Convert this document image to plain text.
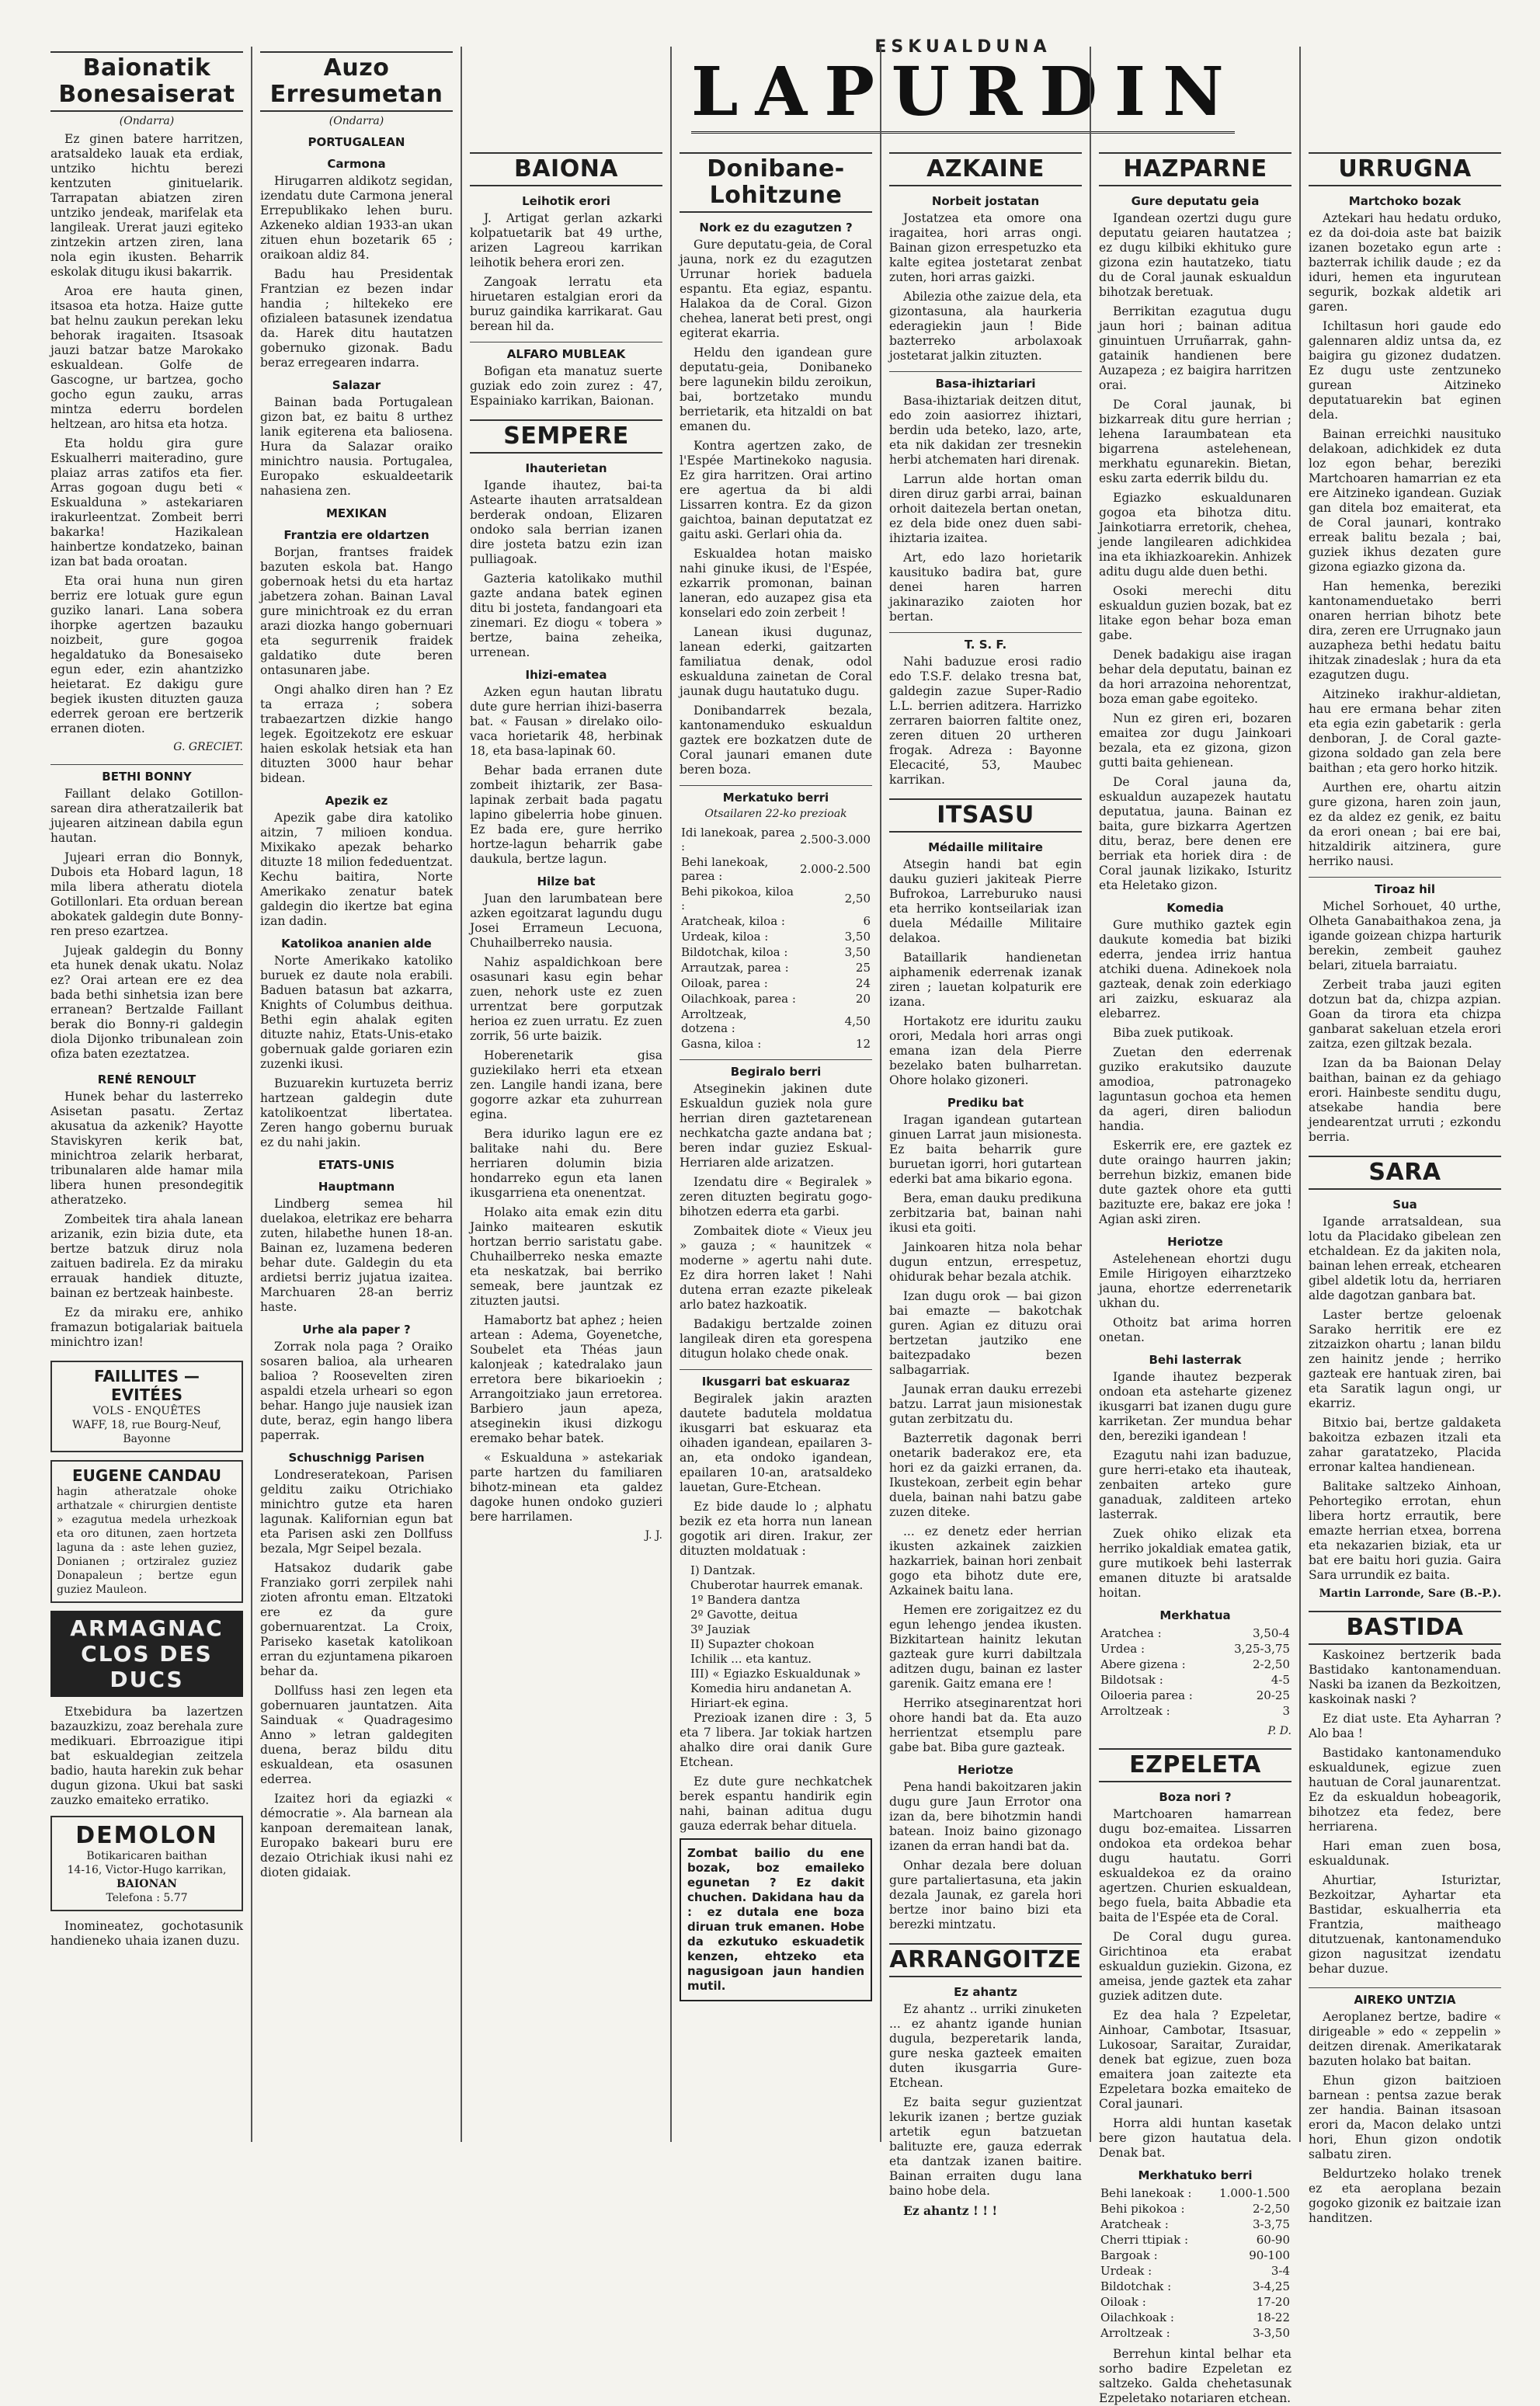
ESKUALDUNA
LAPURDIN
Baionatik Bonesaiserat
(Ondarra)

Ez ginen batere harritzen, aratsaldeko lauak eta erdiak, untziko hichtu berezi kentzuten ginituelarik. Tarrapatan abiatzen ziren untziko jendeak, marifelak eta langileak. Urerat jauzi egiteko zintzekin artzen ziren, lana nola egin ikusten. Beharrik eskolak ditugu ikusi bakarrik.

Aroa ere hauta ginen, itsasoa eta hotza. Haize gutte bat helnu zaukun perekan leku behorak iragaiten. Itsasoak jauzi batzar batze Marokako eskualdean. Golfe de Gascogne, ur bartzea, gocho gocho egun zauku, arras mintza ederru bordelen heltzean, aro hitsa eta hotza.

Eta holdu gira gure Eskualherri maiteradino, gure plaiaz arras zatifos eta fier. Arras gogoan dugu beti « Eskualduna » astekariaren irakurleentzat. Zombeit berri bakarka! Hazikalean hainbertze kondatzeko, bainan izan bat bada oroatan.

Eta orai huna nun giren berriz ere lotuak gure egun guziko lanari. Lana sobera ihorpke agertzen bazauku noizbeit, gure gogoa hegaldatuko da Bonesaiseko egun eder, ezin ahantzizko heietarat. Ez dakigu gure begiek ikusten dituzten gauza ederrek geroan ere bertzerik erranen dioten.

G. GRECIET.
BETHI BONNY

Faillant delako Gotillon-sarean dira atheratzailerik bat jujearen aitzinean dabila egun hautan.

Jujeari erran dio Bonnyk, Dubois eta Hobard lagun, 18 mila libera atheratu diotela Gotillonlari. Eta orduan berean abokatek galdegin dute Bonny-ren preso ezartzea.

Jujeak galdegin du Bonny eta hunek denak ukatu. Nolaz ez? Orai artean ere ez dea bada bethi sinhetsia izan bere erranean? Bertzalde Faillant berak dio Bonny-ri galdegin diola Dijonko tribunalean zoin ofiza baten ezeztatzea.

RENÉ RENOULT

Hunek behar du lasterreko Asisetan pasatu. Zertaz akusatua da azkenik? Hayotte Staviskyren kerik bat, minichtroa zelarik herbarat, tribunalaren alde hamar mila libera hunen presondegitik atheratzeko.

Zombeitek tira ahala lanean arizanik, ezin bizia dute, eta bertze batzuk diruz nola zaituen badirela. Ez da miraku errauak handiek dituzte, bainan ez bertzeak hainbeste.

Ez da miraku ere, anhiko framazun botigalariak baituela minichtro izan!

FAILLITES — EVITÉES
VOLS - ENQUÊTES
WAFF, 18, rue Bourg-Neuf, Bayonne
EUGENE CANDAU
hagin atheratzale ohoke arthatzale « chirurgien dentiste » ezagutua medela urhezkoak eta oro ditunen, zaen hortzeta laguna da : aste lehen guziez, Donianen ; ortziralez guziez Donapaleun ; bertze egun guziez Mauleon.
ARMAGNAC CLOS DES DUCS

Etxebidura ba lazertzen bazauzkizu, zoaz berehala zure medikuari. Ebrroazigue itipi bat eskualdegian zeitzela badio, hauta harekin zuk behar dugun gizona. Ukui bat saski zauzko emaiteko erratiko.

DEMOLON
Botikaricaren baithan
14-16, Victor-Hugo karrikan,
BAIONAN
Telefona : 5.77

Inomineatez, gochotasunik handieneko uhaia izanen duzu.

Auzo Erresumetan
(Ondarra)
PORTUGALEAN
Carmona

Hirugarren aldikotz segidan, izendatu dute Carmona jeneral Errepublikako lehen buru. Azkeneko aldian 1933-an ukan zituen ehun bozetarik 65 ; oraikoan aldiz 84.

Badu hau Presidentak Frantzian ez bezen indar handia ; hiltekeko ere ofizialeen batasunek izendatua da. Harek ditu hautatzen gobernuko gizonak. Badu beraz erregearen indarra.

Salazar

Bainan bada Portugalean gizon bat, ez baitu 8 urthez lanik egiterena eta baliosena. Hura da Salazar oraiko minichtro nausia. Portugalea, Europako eskualdeetarik nahasiena zen.

MEXIKAN
Frantzia ere oldartzen

Borjan, frantses fraidek bazuten eskola bat. Hango gobernoak hetsi du eta hartaz jabetzera zohan. Bainan Laval gure minichtroak ez du erran arazi diozka hango gobernuari eta segurrenik fraidek galdatiko dute beren ontasunaren jabe.

Ongi ahalko diren han ? Ez ta erraza ; sobera trabaezartzen dizkie hango legek. Egoitzekotz ere eskuar haien eskolak hetsiak eta han dituzten 3000 haur behar bidean.

Apezik ez

Apezik gabe dira katoliko aitzin, 7 milioen kondua. Mixikako apezak beharko dituzte 18 milion fededuentzat. Kechu baitira, Norte Amerikako zenatur batek galdegin dio ikertze bat egina izan dadin.

Katolikoa ananien alde

Norte Amerikako katoliko buruek ez daute nola erabili. Baduen batasun bat azkarra, Knights of Columbus deithua. Bethi egin ahalak egiten dituzte nahiz, Etats-Unis-etako gobernuak galde goriaren ezin zuzenki ikusi.

Buzuarekin kurtuzeta berriz hartzean galdegin dute katolikoentzat libertatea. Zeren hango gobernu buruak ez du nahi jakin.

ETATS-UNIS
Hauptmann

Lindberg semea hil duelakoa, eletrikaz ere beharra zuten, hilabethe hunen 18-an. Bainan ez, luzamena bederen behar dute. Galdegin du eta ardietsi berriz jujatua izaitea. Marchuaren 28-an berriz haste.

Urhe ala paper ?

Zorrak nola paga ? Oraiko sosaren balioa, ala urhearen balioa ? Roosevelten ziren aspaldi etzela urheari so egon behar. Hango juje nausiek izan dute, beraz, egin hango libera paperrak.

Schuschnigg Parisen

Londreseratekoan, Parisen gelditu zaiku Otrichiako minichtro gutze eta haren lagunak. Kalifornian egun bat eta Parisen aski zen Dollfuss bezala, Mgr Seipel bezala.

Hatsakoz dudarik gabe Franziako gorri zerpilek nahi zioten afrontu eman. Eltzatoki ere ez da gure gobernuarentzat. La Croix, Pariseko kasetak katolikoan erran du ezjuntamena pikaroen behar da.

Dollfuss hasi zen legen eta gobernuaren jauntatzen. Aita Sainduak « Quadragesimo Anno » letran galdegiten duena, beraz bildu ditu eskualdean, eta osasunen ederrea.

Izaitez hori da egiazki « démocratie ». Ala barnean ala kanpoan deremaitean lanak, Europako bakeari buru ere dezaio Otrichiak ikusi nahi ez dioten gidaiak.

BAIONA
Leihotik erori

J. Artigat gerlan azkarki kolpatuetarik bat 49 urthe, arizen Lagreou karrikan leihotik behera erori zen.

Zangoak lerratu eta hiruetaren estalgian erori da buruz gaindika karrikarat. Gau berean hil da.

ALFARO MUBLEAK

Bofigan eta manatuz suerte guziak edo zoin zurez : 47, Espainiako karrikan, Baionan.

SEMPERE
Ihauterietan

Igande ihautez, bai-ta Astearte ihauten arratsaldean berderak ondoan, Elizaren ondoko sala berrian izanen dire josteta batzu ezin izan pulliagoak.

Gazteria katolikako muthil gazte andana batek eginen ditu bi josteta, fandangoari eta zinemari. Ez diogu « tobera » bertze, baina zeheika, urrenean.

Ihizi-ematea

Azken egun hautan libratu dute gure herrian ihizi-baserra bat. « Fausan » direlako oilo-vaca horietarik 48, herbinak 18, eta basa-lapinak 60.

Behar bada erranen dute zombeit ihiztarik, zer Basa-lapinak zerbait bada pagatu lapino gibelerria hobe ginuen. Ez bada ere, gure herriko hortze-lagun beharrik gabe daukula, bertze lagun.

Hilze bat

Juan den larumbatean bere azken egoitzarat lagundu dugu Josei Errameun Lecuona, Chuhailberreko nausia.

Nahiz aspaldichkoan bere osasunari kasu egin behar zuen, nehork uste ez zuen urrentzat bere gorputzak herioa ez zuen urratu. Ez zuen zorrik, 56 urte baizik.

Hoberenetarik gisa guziekilako herri eta etxean zen. Langile handi izana, bere gogorre azkar eta zuhurrean egina.

Bera iduriko lagun ere ez balitake nahi du. Bere herriaren dolumin bizia hondarreko egun eta lanen ikusgarriena eta onenentzat.

Holako aita emak ezin ditu Jainko maitearen eskutik hortzan berrio saristatu gabe. Chuhailberreko neska emazte eta neskatzak, bai berriko semeak, bere jauntzak ez zituzten jautsi.

Hamabortz bat aphez ; heien artean : Adema, Goyenetche, Soubelet eta Théas jaun kalonjeak ; katedralako jaun erretora bere bikarioekin ; Arrangoitziako jaun erretorea. Barbiero jaun apeza, atseginekin ikusi dizkogu eremako behar batek.

« Eskualduna » astekariak parte hartzen du familiaren bihotz-minean eta galdez dagoke hunen ondoko guzieri bere harrilamen.

J. J.
Donibane-Lohitzune
Nork ez du ezagutzen ?

Gure deputatu-geia, de Coral jauna, nork ez du ezagutzen Urrunar horiek baduela espantu. Eta egiaz, espantu. Halakoa da de Coral. Gizon chehea, lanerat beti prest, ongi egiterat ekarria.

Heldu den igandean gure deputatu-geia, Donibaneko bere lagunekin bildu zeroikun, bai, bortzetako mundu berrietarik, eta hitzaldi on bat emanen du.

Kontra agertzen zako, de l'Espée Martinekoko nagusia. Ez gira harritzen. Orai artino ere agertua da bi aldi Lissarren kontra. Ez da gizon gaichtoa, bainan deputatzat ez gaitu aski. Gerlari ohia da.

Eskualdea hotan maisko nahi ginuke ikusi, de l'Espée, ezkarrik promonan, bainan laneran, edo auzapez gisa eta konselari edo zoin zerbeit !

Lanean ikusi dugunaz, lanean ederki, gaitzarten familiatua denak, odol eskualduna zainetan de Coral jaunak dugu hautatuko dugu.

Donibandarrek bezala, kantonamenduko eskualdun gaztek ere bozkatzen dute de Coral jaunari emanen dute beren boza.

Merkatuko berri
Otsailaren 22-ko prezioak
Idi lanekoak, parea :	2.500-3.000
Behi lanekoak, parea :	2.000-2.500
Behi pikokoa, kiloa :	2,50
Aratcheak, kiloa :	6
Urdeak, kiloa :	3,50
Bildotchak, kiloa :	3,50
Arrautzak, parea :	25
Oiloak, parea :	24
Oilachkoak, parea :	20
Arroltzeak, dotzena :	4,50
Gasna, kiloa :	12
Begiralo berri

Atseginekin jakinen dute Eskualdun guziek nola gure herrian diren gaztetarenean nechkatcha gazte andana bat ; beren indar guziez Eskual-Herriaren alde arizatzen.

Izendatu dire « Begiralek » zeren dituzten begiratu gogo-bihotzen ederra eta garbi.

Zombaitek diote « Vieux jeu » gauza ; « haunitzek « moderne » agertu nahi dute. Ez dira horren laket ! Nahi dutena erran ezazte pikeleak arlo batez hazkoatik.

Badakigu bertzalde zoinen langileak diren eta gorespena ditugun holako chede onak.

Ikusgarri bat eskuaraz

Begiralek jakin arazten dautete badutela moldatua ikusgarri bat eskuaraz eta oihaden igandean, epailaren 3-an, eta ondoko igandean, epailaren 10-an, aratsaldeko lauetan, Gure-Etchean.

Ez bide daude lo ; alphatu bezik ez eta horra nun lanean gogotik ari diren. Irakur, zer dituzten moldatuak :

I) Dantzak.
Chuberotar haurrek emanak.
1º Bandera dantza
2º Gavotte, deitua
3º Jauziak
II) Supazter chokoan
Ichilik ... eta kantuz.
III) « Egiazko Eskualdunak »
Komedia hiru andanetan A. Hiriart-ek egina.

Prezioak izanen dire : 3, 5 eta 7 libera. Jar tokiak hartzen ahalko dire orai danik Gure Etchean.

Ez dute gure nechkatchek berek espantu handirik egin nahi, bainan aditua dugu gauza ederrak behar dituela.

Zombat bailio du ene bozak, boz emaileko egunetan ? Ez dakit chuchen. Dakidana hau da : ez dutala ene boza diruan truk emanen. Hobe da ezkutuko eskuadetik kenzen, ehtzeko eta nagusigoan jaun handien mutil.
AZKAINE
Norbeit jostatan

Jostatzea eta omore ona iragaitea, hori arras ongi. Bainan gizon errespetuzko eta kalte egitea jostetarat zenbat zuten, hori arras gaizki.

Abilezia othe zaizue dela, eta gizontasuna, ala haurkeria ederagiekin jaun ! Bide bazterreko arbolaxoak jostetarat jalkin zituzten.

Basa-ihiztariari

Basa-ihiztariak deitzen ditut, edo zoin aasiorrez ihiztari, berdin uda beteko, lazo, arte, eta nik dakidan zer tresnekin herbi atchematen hari direnak.

Larrun alde hortan oman diren diruz garbi arrai, bainan orhoit daitezela bertan onetan, ez dela bide onez duen sabi-ihiztaria izaitea.

Art, edo lazo horietarik kausituko badira bat, gure denei haren harren jakinaraziko zaioten hor bertan.

T. S. F.

Nahi baduzue erosi radio edo T.S.F. delako tresna bat, galdegin zazue Super-Radio L.L. berrien aditzera. Harrizko zerraren baiorren faltite onez, zeren dituen 20 urtheren frogak. Adreza : Bayonne Elecacité, 53, Maubec karrikan.

ITSASU
Médaille militaire

Atsegin handi bat egin dauku guzieri jakiteak Pierre Bufrokoa, Larreburuko nausi eta herriko kontseilariak izan duela Médaille Militaire delakoa.

Bataillarik handienetan aiphamenik ederrenak izanak ziren ; lauetan kolpaturik ere izana.

Hortakotz ere iduritu zauku orori, Medala hori arras ongi emana izan dela Pierre bezelako baten bulharretan. Ohore holako gizoneri.

Prediku bat

Iragan igandean gutartean ginuen Larrat jaun misionesta. Ez baita beharrik gure buruetan igorri, hori gutartean ederki bat ama bikario egona.

Bera, eman dauku predikuna zerbitzaria bat, bainan nahi ikusi eta goiti.

Jainkoaren hitza nola behar dugun entzun, errespetuz, ohidurak behar bezala atchik.

Izan dugu orok — bai gizon bai emazte — bakotchak guren. Agian ez dituzu orai bertzetan jautziko ene baitezpadako bezen salbagarriak.

Jaunak erran dauku errezebi batzu. Larrat jaun misionestak gutan zerbitzatu du.

Bazterretik dagonak berri onetarik baderakoz ere, eta hori ez da gaizki erranen, da. Ikustekoan, zerbeit egin behar duela, bainan nahi batzu gabe zuzen diteke.

... ez denetz eder herrian ikusten azkainek zaizkien hazkarriek, bainan hori zenbait gogo eta bihotz dute ere, Azkainek baitu lana.

Hemen ere zorigaitzez ez du egun lehengo jendea ikusten. Bizkitartean hainitz lekutan gazteak gure kurri dabiltzala aditzen dugu, bainan ez laster garenik. Gaitz emana ere !

Herriko atseginarentzat hori ohore handi bat da. Eta auzo herrientzat etsemplu pare gabe bat. Biba gure gazteak.

Heriotze

Pena handi bakoitzaren jakin dugu gure Jaun Errotor ona izan da, bere bihotzmin handi batean. Inoiz baino gizonago izanen da erran handi bat da.

Onhar dezala bere doluan gure partaliertasuna, eta jakin dezala Jaunak, ez garela hori bertze inor baino bizi eta berezki mintzatu.

ARRANGOITZE
Ez ahantz

Ez ahantz .. urriki zinuketen ... ez ahantz igande hunian dugula, bezperetarik landa, gure neska gazteek emaiten duten ikusgarria Gure-Etchean.

Ez baita segur guzientzat lekurik izanen ; bertze guziak artetik egun batzuetan balituzte ere, gauza ederrak eta dantzak izanen baitire. Bainan erraiten dugu lana baino hobe dela.

Ez ahantz ! ! !

HAZPARNE
Gure deputatu geia

Igandean ozertzi dugu gure deputatu geiaren hautatzea ; ez dugu kilbiki ekhituko gure gizona ezin hautatzeko, tiatu du de Coral jaunak eskualdun bihotzak beretuak.

Berrikitan ezagutua dugu jaun hori ; bainan aditua ginuintuen Urruñarrak, gahn-gatainik handienen bere Auzapeza ; ez baigira harritzen orai.

De Coral jaunak, bi bizkarreak ditu gure herrian ; lehena Iaraumbatean eta bigarrena astelehenean, merkhatu egunarekin. Bietan, esku zarta ederrik bildu du.

Egiazko eskualdunaren gogoa eta bihotza ditu. Jainkotiarra erretorik, chehea, jende langilearen adichkidea ina eta ikhiazkoarekin. Anhizek aditu dugu alde duen bethi.

Osoki merechi ditu eskualdun guzien bozak, bat ez litake egon behar boza eman gabe.

Denek badakigu aise iragan behar dela deputatu, bainan ez da hori arrazoina nehorentzat, boza eman gabe egoiteko.

Nun ez giren eri, bozaren emaitea zor dugu Jainkoari bezala, eta ez gizona, gizon gutti baita gehienean.

De Coral jauna da, eskualdun auzapezek hautatu deputatua, jauna. Bainan ez baita, gure bizkarra Agertzen ditu, beraz, bere denen ere berriak eta horiek dira : de Coral jaunak lizikako, Isturitz eta Heletako gizon.

Komedia

Gure muthiko gaztek egin daukute komedia bat biziki ederra, jendea irriz hantua atchiki duena. Adinekoek nola gazteak, denak zoin ederkiago ari zaizku, eskuaraz ala elebarrez.

Biba zuek putikoak.

Zuetan den ederrenak guziko erakutsiko dauzute amodioa, patronageko laguntasun gochoa eta hemen da ageri, diren baliodun handia.

Eskerrik ere, ere gaztek ez dute oraingo haurren jakin; berrehun bizkiz, emanen bide dute gaztek ohore eta gutti bazituzte ere, bakaz ere joka ! Agian aski ziren.

Heriotze

Astelehenean ehortzi dugu Emile Hirigoyen eiharztzeko jauna, ehortze ederrenetarik ukhan du.

Othoitz bat arima horren onetan.

Behi lasterrak

Igande ihautez bezperak ondoan eta asteharte gizenez ikusgarri bat izanen dugu gure karriketan. Zer mundua behar den, bereziki igandean !

Ezagutu nahi izan baduzue, gure herri-etako eta ihauteak, zenbaiten arteko gure ganaduak, zalditeen arteko lasterrak.

Zuek ohiko elizak eta herriko jokaldiak ematea gatik, gure mutikoek behi lasterrak emanen dituzte bi aratsalde hoitan.

Merkhatua
Aratchea :	3,50-4
Urdea :	3,25-3,75
Abere gizena :	2-2,50
Bildotsak :	4-5
Oiloeria parea :	20-25
Arroltzeak :	3
P. D.
EZPELETA
Boza nori ?

Martchoaren hamarrean dugu boz-emaitea. Lissarren ondokoa eta ordekoa behar dugu hautatu. Gorri eskualdekoa ez da oraino agertzen. Churien eskualdean, bego fuela, baita Abbadie eta baita de l'Espée eta de Coral.

De Coral dugu gurea. Girichtinoa eta erabat eskualdun guziekin. Gizona, ez ameisa, jende gaztek eta zahar guziek aditzen dute.

Ez dea hala ? Ezpeletar, Ainhoar, Cambotar, Itsasuar, Lukosoar, Saraitar, Zuraidar, denek bat egizue, zuen boza emaitera joan zaitezte eta Ezpeletara bozka emaiteko de Coral jaunari.

Horra aldi huntan kasetak bere gizon hautatua dela. Denak bat.

Merkhatuko berri
Behi lanekoak :	1.000-1.500
Behi pikokoa :	2-2,50
Aratcheak :	3-3,75
Cherri ttipiak :	60-90
Bargoak :	90-100
Urdeak :	3-4
Bildotchak :	3-4,25
Oiloak :	17-20
Oilachkoak :	18-22
Arroltzeak :	3-3,50

Berrehun kintal belhar eta sorho badire Ezpeletan ez saltzeko. Galda chehetasunak Ezpeletako notariaren etchean.

URRUGNA
Martchoko bozak

Aztekari hau hedatu orduko, ez da doi-doia aste bat baizik izanen bozetako egun arte : bazterrak ichilik daude ; ez da iduri, hemen eta ingurutean segurik, bozkak aldetik ari garen.

Ichiltasun hori gaude edo galennaren aldiz untsa da, ez baigira gu gizonez dudatzen. Ez dugu uste zentzuneko gurean Aitzineko deputatuarekin bat eginen dela.

Bainan erreichki nausituko delakoan, adichkidek ez duta loz egon behar, bereziki Martchoaren hamarrian ez eta ere Aitzineko igandean. Guziak gan ditela boz emaiterat, eta de Coral jaunari, kontrako erreak balitu bezala ; bai, guziek ikhus dezaten gure gizona egiazko gizona da.

Han hemenka, bereziki kantonamenduetako berri onaren herrian bihotz bete dira, zeren ere Urrugnako jaun auzapheza bethi hedatu baitu ihitzak zinadeslak ; hura da eta ezagutzen dugu.

Aitzineko irakhur-aldietan, hau ere ermana behar ziten eta egia ezin gabetarik : gerla denboran, J. de Coral gazte-gizona soldado gan zela bere baithan ; eta gero horko hitzik.

Aurthen ere, ohartu aitzin gure gizona, haren zoin jaun, ez da aldez ez genik, ez baitu da erori onean ; bai ere bai, hitzaldirik aitzinera, gure herriko nausi.

Tiroaz hil

Michel Sorhouet, 40 urthe, Olheta Ganabaithakoa zena, ja igande goizean chizpa harturik berekin, zembeit gauhez belari, zituela barraiatu.

Zerbeit traba jauzi egiten dotzun bat da, chizpa azpian. Goan da tirora eta chizpa ganbarat sakeluan etzela erori zaitza, ezen giltzak bezala.

Izan da ba Baionan Delay baithan, bainan ez da gehiago erori. Hainbeste senditu dugu, atsekabe handia bere jendearentzat urruti ; ezkondu berria.

SARA
Sua

Igande arratsaldean, sua lotu da Placidako gibelean zen etchaldean. Ez da jakiten nola, bainan lehen erreak, etchearen gibel aldetik lotu da, herriaren alde dagotzan ganbara bat.

Laster bertze geloenak Sarako herritik ere ez zitzaizkon ohartu ; lanan bildu zen hainitz jende ; herriko gazteak ere hantuak ziren, bai eta Saratik lagun ongi, ur ekarriz.

Bitxio bai, bertze galdaketa bakoitza ezbazen itzali eta zahar garatatzeko, Placida erronar kaltea handienean.

Balitake saltzeko Ainhoan, Pehortegiko errotan, ehun libera hortz errautik, bere emazte herrian etxea, borrena eta nekazarien biziak, eta ur bat ere baitu hori guzia. Gaira Sara urrundik ez baita.

Martin Larronde, Sare (B.-P.).
BASTIDA

Kaskoinez bertzerik bada Bastidako kantonamenduan. Naski ba izanen da Bezkoitzen, kaskoinak naski ?

Ez diat uste. Eta Ayharran ? Alo baa !

Bastidako kantonamenduko eskualdunek, egizue zuen hautuan de Coral jaunarentzat. Ez da eskualdun hobeagorik, bihotzez eta fedez, bere herriarena.

Hari eman zuen bosa, eskualdunak.

Ahurtiar, Isturiztar, Bezkoitzar, Ayhartar eta Bastidar, eskualherria eta Frantzia, maitheago ditutzuenak, kantonamenduko gizon nagusitzat izendatu behar duzue.

AIREKO UNTZIA

Aeroplanez bertze, badire « dirigeable » edo « zeppelin » deitzen direnak. Amerikatarak bazuten holako bat baitan.

Ehun gizon baitzioen barnean : pentsa zazue berak zer handia. Bainan itsasoan erori da, Macon delako untzi hori, Ehun gizon ondotik salbatu ziren.

Beldurtzeko holako trenek ez eta aeroplana bezain gogoko gizonik ez baitzaie izan handitzen.
